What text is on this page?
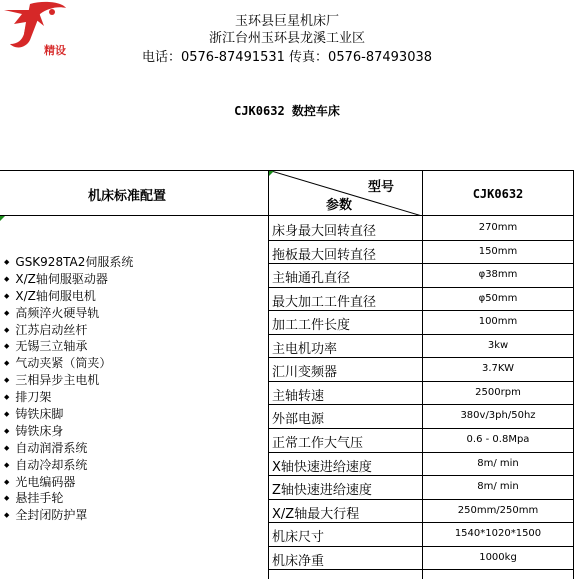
精设
玉环县巨星机床厂
浙江台州玉环县龙溪工业区
电话：0576-87491531 传真：0576-87493038
CJK0632 数控车床
机床标准配置
型号
参数
CJK0632
床身最大回转直径	270mm
拖板最大回转直径	150mm
主轴通孔直径	φ38mm
最大加工工件直径	φ50mm
加工工件长度	100mm
主电机功率	3kw
汇川变频器	3.7KW
主轴转速	2500rpm
外部电源	380v/3ph/50hz
正常工作大气压	0.6 - 0.8Mpa
X轴快速进给速度	8m/ min
Z轴快速进给速度	8m/ min
X/Z轴最大行程	250mm/250mm
机床尺寸	1540*1020*1500
机床净重	1000kg
◆ GSK928TA2伺服系统
◆ X/Z轴伺服驱动器
◆ X/Z轴伺服电机
◆ 高频淬火硬导轨
◆ 江苏启动丝杆
◆ 无锡三立轴承
◆ 气动夹紧（筒夹）
◆ 三相异步主电机
◆ 排刀架
◆ 铸铁床脚
◆ 铸铁床身
◆ 自动润滑系统
◆ 自动冷却系统
◆ 光电编码器
◆ 悬挂手轮
◆ 全封闭防护罩
